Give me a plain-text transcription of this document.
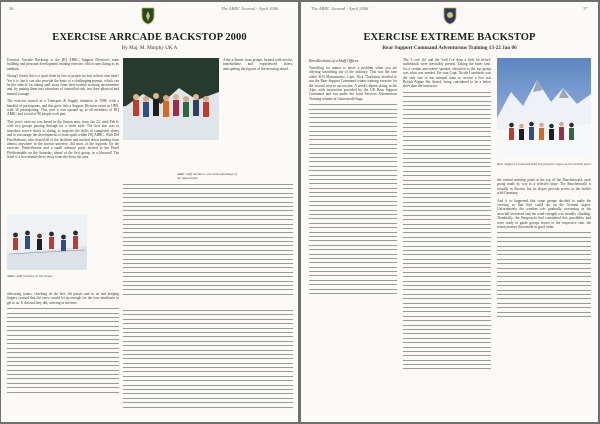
36	The ARRC Journal - April 2006
EXERCISE ARRCADE BACKSTOP 2000
By Maj. M. Murphy UK A

Exercise Arrcade Backstop is the HQ ARRC, Support Division's team building and personal development training exercise, which runs skiing as its medium.

Skiing? Surely this is a sport done by lots of people for fun in their own time? Yes it is, but it can also provide the basis of a challenging pursuit, which can be the vehicle for taking staff away from their normal working environment and, by putting them into situations of controlled risk, test their physical and mental courage.

The exercise started as a Transport & Supply initiative in 1998, with a handful of participants, and this grew into a Support Division event in 1999, with 36 participating. This year it was opened up to all members of HQ ARRC and a total of 80 people took part.

This year's exercise was based in the Sexten area, from Jan 22, until Feb 6, with two groups passing through for a week each. The first aim was to introduce novice skiers to skiing, to improve the skills of competent skiers and to encourage the development of team spirit within HQ ARRC. With Del Pacellohouse, who hosted all of the facilities and tracked down funding from almost anywhere in the known universe, did most of the legwork for the exercise. Pontlethwaite and a small advance party arrived at the Hotel Pfeiffermuhle on the Saturday, ahead of the first group, in a blizzard! The hotel is a five-minute drive away from the Sesto ski area.

ARRC staff members who took advantage of the opportunity

After a dinner from groups formed with novice, intermediate and experienced skiers, anticipating the rigours of the morning ahead.

ARRC staff training on the slopes

allocating rooms, checking on ski hire, lift passes and so on and keeping fingers crossed that the snow would let up enough for the four minibuses to get to us. It did and they did, arriving at tea-time.

The ARRC Journal - April 2006	37
EXERCISE EXTREME BACKSTOP
Rear Support Command Adventurous Training 13-22 Jan 06

Recollections of a Staff Officer.

Travelling for names is never a problem when you are offering something out of the ordinary. This was the case when SO3 Maintenance, Capt. Nick Thackston decided to run the Rear Support Command winter training exercise for the second year in succession. A week's alpine skiing in the Alps, with instruction provided by the UK Rear Support Command and run under the Joint Services Adventurous Training scheme at Gatzenwald Saga.

The 'I can't ski' and the 'well I've done a little bit before' individuals were inevitably present. Taking the latter case, for a certain non-native speaker, elevation to the top group was what was needed. I'm sure Capt. Nicole Lombardo was the only one of our intrepid team to receive a five star British Alpine Ski Award, being considered to be a better skier than the instructor.

Rear Support Command Staff enjoying the slopes at the summit point

the central meeting point at the top of the Rauchenwald, each group made its way to a selected slope. The Rauchenwald is actually in Austria, but its slopes provide access to the border with Germany.

And it so happened that some groups decided to make the crossing so that they could ski on the German slopes. Unfortunately the weather was gradually worsening as the snowfall increased and the wind strength was steadily climbing. Thankfully, the Bergwacht had considered this possibility and were ready to guide groups across to the respective side, the return journey then made in good order.
